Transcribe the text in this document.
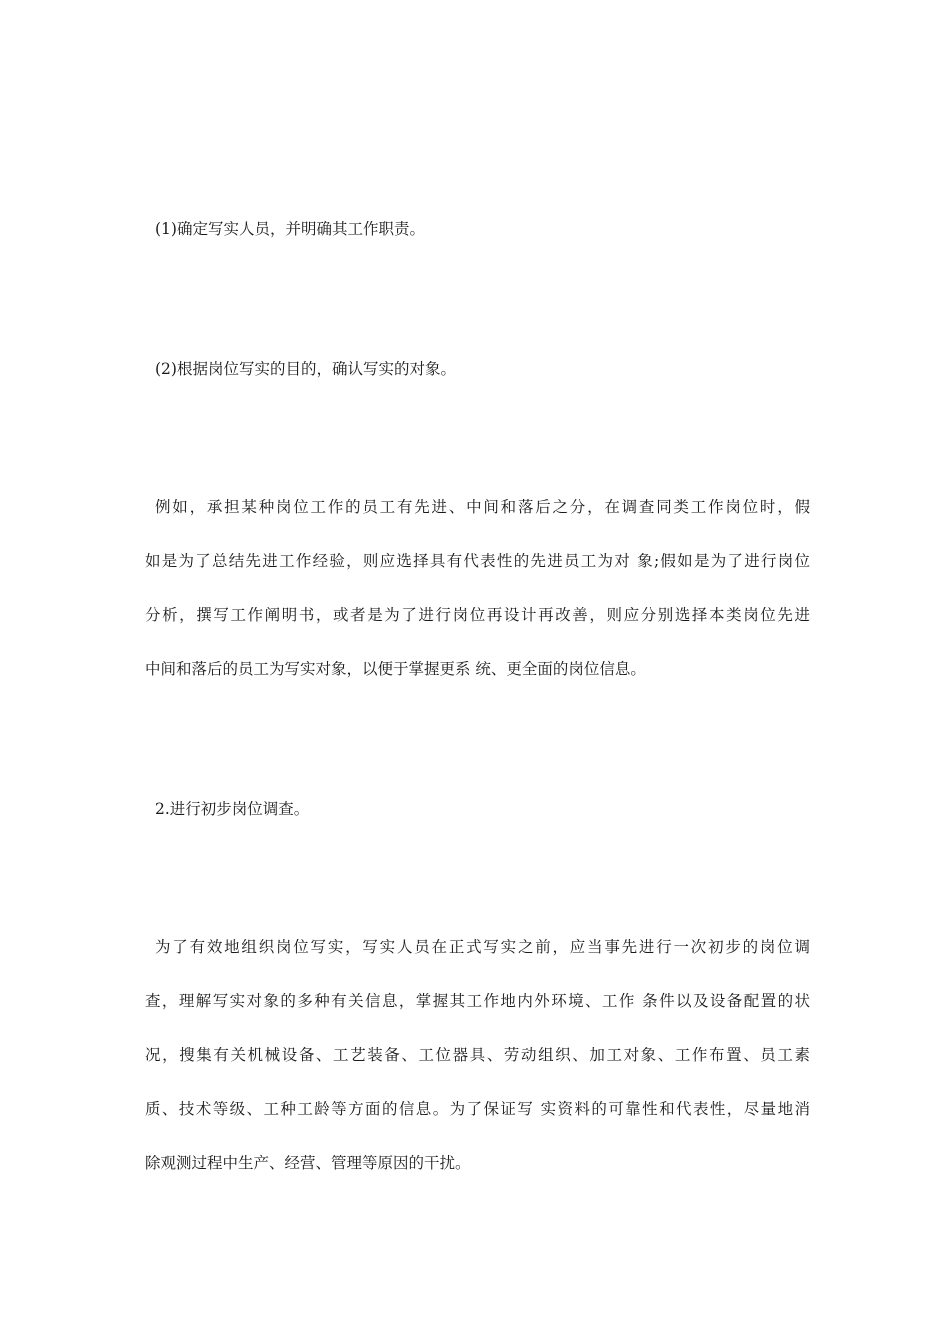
(1)确定写实人员，并明确其工作职责。
(2)根据岗位写实的目的，确认写实的对象。
例如，承担某种岗位工作的员工有先进、中间和落后之分，在调查同类工作岗位时，假
如是为了总结先进工作经验，则应选择具有代表性的先进员工为对 象;假如是为了进行岗位
分析，撰写工作阐明书，或者是为了进行岗位再设计再改善，则应分别选择本类岗位先进
中间和落后的员工为写实对象，以便于掌握更系 统、更全面的岗位信息。
2.进行初步岗位调查。
为了有效地组织岗位写实，写实人员在正式写实之前，应当事先进行一次初步的岗位调
查，理解写实对象的多种有关信息，掌握其工作地内外环境、工作 条件以及设备配置的状
况，搜集有关机械设备、工艺装备、工位器具、劳动组织、加工对象、工作布置、员工素
质、技术等级、工种工龄等方面的信息。为了保证写 实资料的可靠性和代表性，尽量地消
除观测过程中生产、经营、管理等原因的干扰。
